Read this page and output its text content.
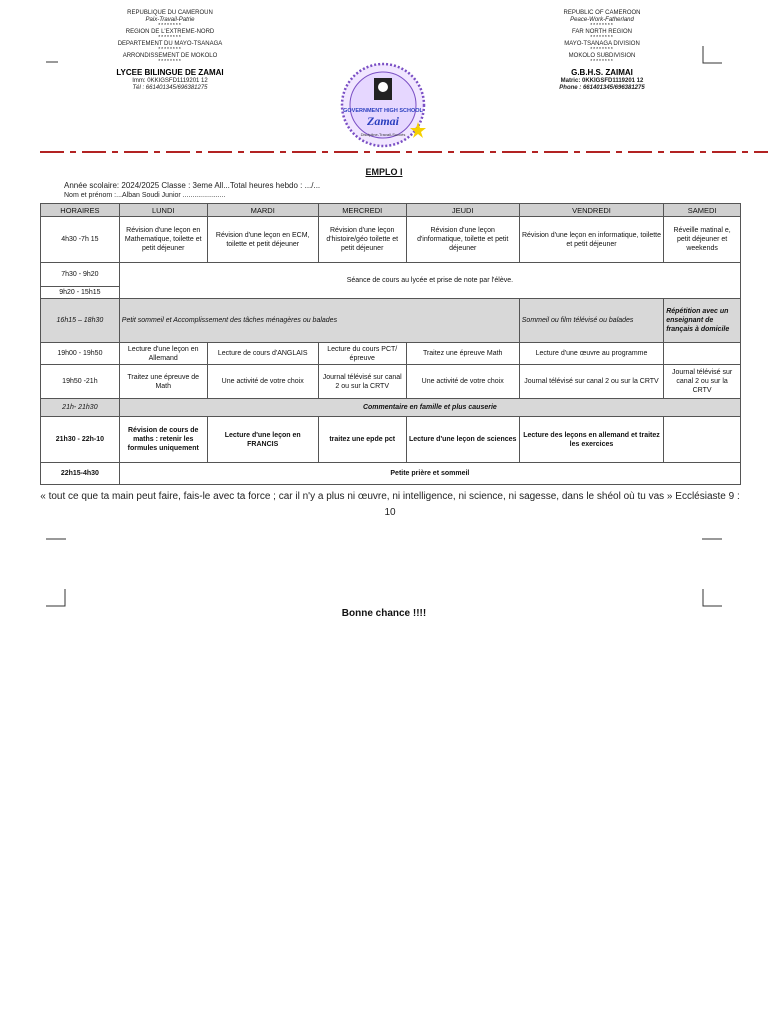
REPUBLIQUE DU CAMEROUN
Paix-Travail-Patrie
********
REGION DE L'EXTREME-NORD
********
DEPARTEMENT DU MAYO-TSANAGA
********
ARRONDISSEMENT DE MOKOLO
********
LYCEE BILINGUE DE ZAMAI
Imm: 0KKIGSFD1119201 12
Tél : 661401345/696381275
REPUBLIC OF CAMEROON
Peace-Work-Fatherland
********
FAR NORTH REGION
********
MAYO-TSANAGA DIVISION
********
MOKOLO SUBDIVISION
********
G.B.H.S. ZAIMAI
Matric: 0KKIGSFD1119201 12
Phone : 661401345/696381275
GOVERNMENT HIGH SCHOOL
Zamai
Discipline-Travail-Succès
EMPLO I
Année scolaire: 2024/2025 Classe : 3eme All...Total heures hebdo : .../...
Nom et prénom :...Alban Soudi Junior ......................
HORAIRES	LUNDI	MARDI	MERCREDI	JEUDI	VENDREDI	SAMEDI
4h30 -7h 15	Révision d'une leçon en Mathematique, toilette et petit déjeuner	Révision d'une leçon en ECM, toilette et petit déjeuner	Révision d'une leçon d'histoire/géo toilette et petit déjeuner	Révision d'une leçon d'informatique, toilette et petit déjeuner	Révision d'une leçon en informatique, toilette et petit déjeuner	Réveille matinal e, petit déjeuner et weekends
7h30 - 9h20	Séance de cours au lycée et prise de note par l'élève.					
9h20 - 15h15						
16h15 – 18h30	Petit sommeil et Accomplissement des tâches ménagères ou balades				Sommeil ou film télévisé ou balades	Répétition avec un enseignant de français à domicile
19h00 - 19h50	Lecture d'une leçon en Allemand	Lecture de cours d'ANGLAIS	Lecture du cours PCT/épreuve	Traitez une épreuve Math	Lecture d'une œuvre au programme	
19h50 -21h	Traitez une épreuve de Math	Une activité de votre choix	Journal télévisé sur canal 2 ou sur la CRTV	Une activité de votre choix	Journal télévisé sur canal 2 ou sur la CRTV	Journal télévisé sur canal 2 ou sur la CRTV
21h- 21h30	Commentaire en famille et plus causerie					
21h30 - 22h-10	Révision de cours de maths : retenir les formules uniquement	Lecture d'une leçon en FRANCIS	traitez une epde pct	Lecture d'une leçon de sciences	Lecture des leçons en allemand et traitez les exercices	
22h15-4h30	Petite prière et sommeil					
« tout ce que ta main peut faire, fais-le avec ta force ; car il n'y a plus ni œuvre, ni intelligence, ni science, ni sagesse, dans le shéol où tu vas » Ecclésiaste 9 : 10
Bonne chance !!!!
